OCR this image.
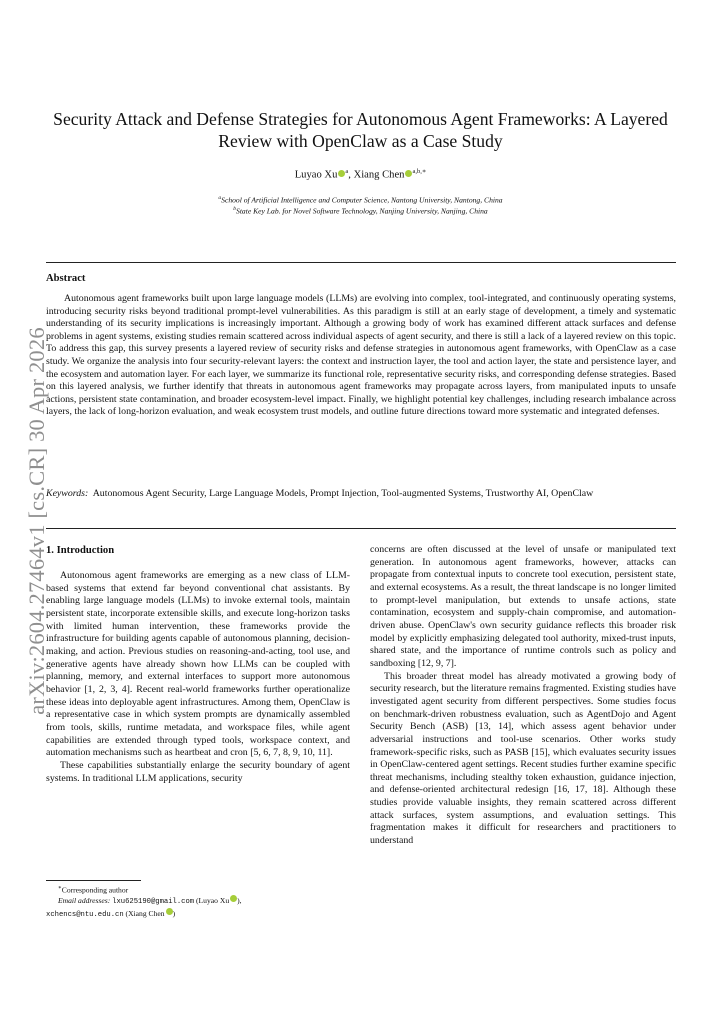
arXiv:2604.27464v1 [cs.CR] 30 Apr 2026
Security Attack and Defense Strategies for Autonomous Agent Frameworks: A Layered
Review with OpenClaw as a Case Study
Luyao Xu $^a$, Xiang Chen $^{a,b,∗}$
$^a$School of Artificial Intelligence and Computer Science, Nantong University, Nantong, China
$^b$State Key Lab. for Novel Software Technology, Nanjing University, Nanjing, China
Abstract
Autonomous agent frameworks built upon large language models (LLMs) are evolving into complex, tool-integrated, and continuously operating systems, introducing security risks beyond traditional prompt-level vulnerabilities. As this paradigm is still at an early stage of development, a timely and systematic understanding of its security implications is increasingly important. Although a growing body of work has examined different attack surfaces and defense problems in agent systems, existing studies remain scattered across individual aspects of agent security, and there is still a lack of a layered review on this topic. To address this gap, this survey presents a layered review of security risks and defense strategies in autonomous agent frameworks, with OpenClaw as a case study. We organize the analysis into four security-relevant layers: the context and instruction layer, the tool and action layer, the state and persistence layer, and the ecosystem and automation layer. For each layer, we summarize its functional role, representative security risks, and corresponding defense strategies. Based on this layered analysis, we further identify that threats in autonomous agent frameworks may propagate across layers, from manipulated inputs to unsafe actions, persistent state contamination, and broader ecosystem-level impact. Finally, we highlight potential key challenges, including research imbalance across layers, the lack of long-horizon evaluation, and weak ecosystem trust models, and outline future directions toward more systematic and integrated defenses.
Keywords: Autonomous Agent Security, Large Language Models, Prompt Injection, Tool-augmented Systems, Trustworthy AI, OpenClaw
1. Introduction

Autonomous agent frameworks are emerging as a new class of LLM-based systems that extend far beyond conventional chat assistants. By enabling large language models (LLMs) to invoke external tools, maintain persistent state, incorporate extensible skills, and execute long-horizon tasks with limited human intervention, these frameworks provide the infrastructure for building agents capable of autonomous planning, decision-making, and action. Previous studies on reasoning-and-acting, tool use, and generative agents have already shown how LLMs can be coupled with planning, memory, and external interfaces to support more autonomous behavior [1, 2, 3, 4]. Recent real-world frameworks further operationalize these ideas into deployable agent infrastructures. Among them, OpenClaw is a representative case in which system prompts are dynamically assembled from tools, skills, runtime metadata, and workspace files, while agent capabilities are extended through typed tools, workspace context, and automation mechanisms such as heartbeat and cron [5, 6, 7, 8, 9, 10, 11].

These capabilities substantially enlarge the security boundary of agent systems. In traditional LLM applications, security

concerns are often discussed at the level of unsafe or manipulated text generation. In autonomous agent frameworks, however, attacks can propagate from contextual inputs to concrete tool execution, persistent state, and external ecosystems. As a result, the threat landscape is no longer limited to prompt-level manipulation, but extends to unsafe actions, state contamination, ecosystem and supply-chain compromise, and automation-driven abuse. OpenClaw's own security guidance reflects this broader risk model by explicitly emphasizing delegated tool authority, mixed-trust inputs, shared state, and the importance of runtime controls such as policy and sandboxing [12, 9, 7].

This broader threat model has already motivated a growing body of security research, but the literature remains fragmented. Existing studies have investigated agent security from different perspectives. Some studies focus on benchmark-driven robustness evaluation, such as AgentDojo and Agent Security Bench (ASB) [13, 14], which assess agent behavior under adversarial instructions and tool-use scenarios. Other works study framework-specific risks, such as PASB [15], which evaluates security issues in OpenClaw-centered agent settings. Recent studies further examine specific threat mechanisms, including stealthy token exhaustion, guidance injection, and defense-oriented architectural redesign [16, 17, 18]. Although these studies provide valuable insights, they remain scattered across different attack surfaces, system assumptions, and evaluation settings. This fragmentation makes it difficult for researchers and practitioners to understand

∗Corresponding author
Email addresses: lxu625190@gmail.com (Luyao Xu ),
xchencs@ntu.edu.cn (Xiang Chen )
